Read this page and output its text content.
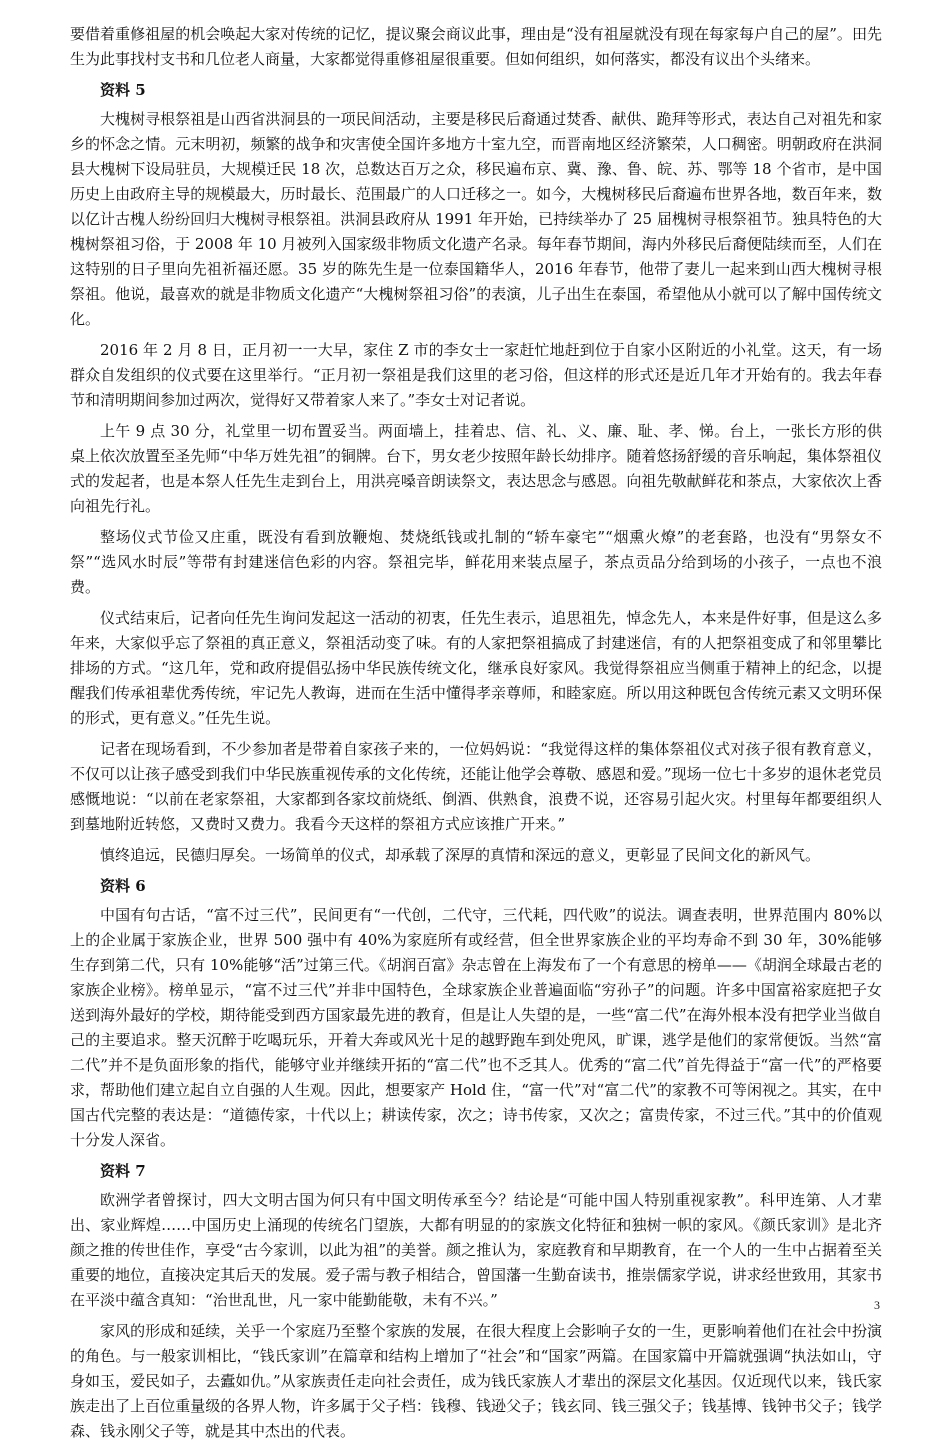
要借着重修祖屋的机会唤起大家对传统的记忆，提议聚会商议此事，理由是“没有祖屋就没有现在每家每户自己的屋”。田先生为此事找村支书和几位老人商量，大家都觉得重修祖屋很重要。但如何组织，如何落实，都没有议出个头绪来。

资料 5

大槐树寻根祭祖是山西省洪洞县的一项民间活动，主要是移民后裔通过焚香、献供、跪拜等形式，表达自己对祖先和家乡的怀念之情。元末明初，频繁的战争和灾害使全国许多地方十室九空，而晋南地区经济繁荣，人口稠密。明朝政府在洪洞县大槐树下设局驻员，大规模迁民 18 次，总数达百万之众，移民遍布京、冀、豫、鲁、皖、苏、鄂等 18 个省市，是中国历史上由政府主导的规模最大，历时最长、范围最广的人口迁移之一。如今，大槐树移民后裔遍布世界各地，数百年来，数以亿计古槐人纷纷回归大槐树寻根祭祖。洪洞县政府从 1991 年开始，已持续举办了 25 届槐树寻根祭祖节。独具特色的大槐树祭祖习俗，于 2008 年 10 月被列入国家级非物质文化遗产名录。每年春节期间，海内外移民后裔便陆续而至，人们在这特别的日子里向先祖祈福还愿。35 岁的陈先生是一位泰国籍华人，2016 年春节，他带了妻儿一起来到山西大槐树寻根祭祖。他说，最喜欢的就是非物质文化遗产“大槐树祭祖习俗”的表演，儿子出生在泰国，希望他从小就可以了解中国传统文化。

2016 年 2 月 8 日，正月初一一大早，家住 Z 市的李女士一家赶忙地赶到位于自家小区附近的小礼堂。这天，有一场群众自发组织的仪式要在这里举行。“正月初一祭祖是我们这里的老习俗，但这样的形式还是近几年才开始有的。我去年春节和清明期间参加过两次，觉得好又带着家人来了。”李女士对记者说。

上午 9 点 30 分，礼堂里一切布置妥当。两面墙上，挂着忠、信、礼、义、廉、耻、孝、悌。台上，一张长方形的供桌上依次放置至圣先师“中华万姓先祖”的铜牌。台下，男女老少按照年龄长幼排序。随着悠扬舒缓的音乐响起，集体祭祖仪式的发起者，也是本祭人任先生走到台上，用洪亮嗓音朗读祭文，表达思念与感恩。向祖先敬献鲜花和茶点，大家依次上香向祖先行礼。

整场仪式节俭又庄重，既没有看到放鞭炮、焚烧纸钱或扎制的“轿车豪宅”“烟熏火燎”的老套路，也没有“男祭女不祭”“选风水时辰”等带有封建迷信色彩的内容。祭祖完毕，鲜花用来装点屋子，茶点贡品分给到场的小孩子，一点也不浪费。

仪式结束后，记者向任先生询问发起这一活动的初衷，任先生表示，追思祖先，悼念先人，本来是件好事，但是这么多年来，大家似乎忘了祭祖的真正意义，祭祖活动变了味。有的人家把祭祖搞成了封建迷信，有的人把祭祖变成了和邻里攀比排场的方式。“这几年，党和政府提倡弘扬中华民族传统文化，继承良好家风。我觉得祭祖应当侧重于精神上的纪念，以提醒我们传承祖辈优秀传统，牢记先人教诲，进而在生活中懂得孝亲尊师，和睦家庭。所以用这种既包含传统元素又文明环保的形式，更有意义。”任先生说。

记者在现场看到，不少参加者是带着自家孩子来的，一位妈妈说：“我觉得这样的集体祭祖仪式对孩子很有教育意义，不仅可以让孩子感受到我们中华民族重视传承的文化传统，还能让他学会尊敬、感恩和爱。”现场一位七十多岁的退休老党员感慨地说：“以前在老家祭祖，大家都到各家坟前烧纸、倒酒、供熟食，浪费不说，还容易引起火灾。村里每年都要组织人到墓地附近转悠，又费时又费力。我看今天这样的祭祖方式应该推广开来。”

慎终追远，民德归厚矣。一场简单的仪式，却承载了深厚的真情和深远的意义，更彰显了民间文化的新风气。

资料 6

中国有句古话，“富不过三代”，民间更有“一代创，二代守，三代耗，四代败”的说法。调查表明，世界范围内 80%以上的企业属于家族企业，世界 500 强中有 40%为家庭所有或经营，但全世界家族企业的平均寿命不到 30 年，30%能够生存到第二代，只有 10%能够“活”过第三代。《胡润百富》杂志曾在上海发布了一个有意思的榜单——《胡润全球最古老的家族企业榜》。榜单显示，“富不过三代”并非中国特色，全球家族企业普遍面临“穷孙子”的问题。许多中国富裕家庭把子女送到海外最好的学校，期待能受到西方国家最先进的教育，但是让人失望的是，一些“富二代”在海外根本没有把学业当做自己的主要追求。整天沉醉于吃喝玩乐，开着大奔或风光十足的越野跑车到处兜风，旷课，逃学是他们的家常便饭。当然“富二代”并不是负面形象的指代，能够守业并继续开拓的“富二代”也不乏其人。优秀的“富二代”首先得益于“富一代”的严格要求，帮助他们建立起自立自强的人生观。因此，想要家产 Hold 住，“富一代”对“富二代”的家教不可等闲视之。其实，在中国古代完整的表达是：“道德传家，十代以上；耕读传家，次之；诗书传家，又次之；富贵传家，不过三代。”其中的价值观十分发人深省。

资料 7

欧洲学者曾探讨，四大文明古国为何只有中国文明传承至今？结论是“可能中国人特别重视家教”。科甲连第、人才辈出、家业辉煌……中国历史上涌现的传统名门望族，大都有明显的的家族文化特征和独树一帜的家风。《颜氏家训》是北齐颜之推的传世佳作，享受“古今家训，以此为祖”的美誉。颜之推认为，家庭教育和早期教育，在一个人的一生中占据着至关重要的地位，直接决定其后天的发展。爱子需与教子相结合，曾国藩一生勤奋读书，推崇儒家学说，讲求经世致用，其家书在平淡中蕴含真知：“治世乱世，凡一家中能勤能敬，未有不兴。”

家风的形成和延续，关乎一个家庭乃至整个家族的发展，在很大程度上会影响子女的一生，更影响着他们在社会中扮演的角色。与一般家训相比，“钱氏家训”在篇章和结构上增加了“社会”和“国家”两篇。在国家篇中开篇就强调“执法如山，守身如玉，爱民如子，去蠹如仇。”从家族责任走向社会责任，成为钱氏家族人才辈出的深层文化基因。仅近现代以来，钱氏家族走出了上百位重量级的各界人物，许多属于父子档：钱穆、钱逊父子；钱玄同、钱三强父子；钱基博、钱钟书父子；钱学森、钱永刚父子等，就是其中杰出的代表。

3
